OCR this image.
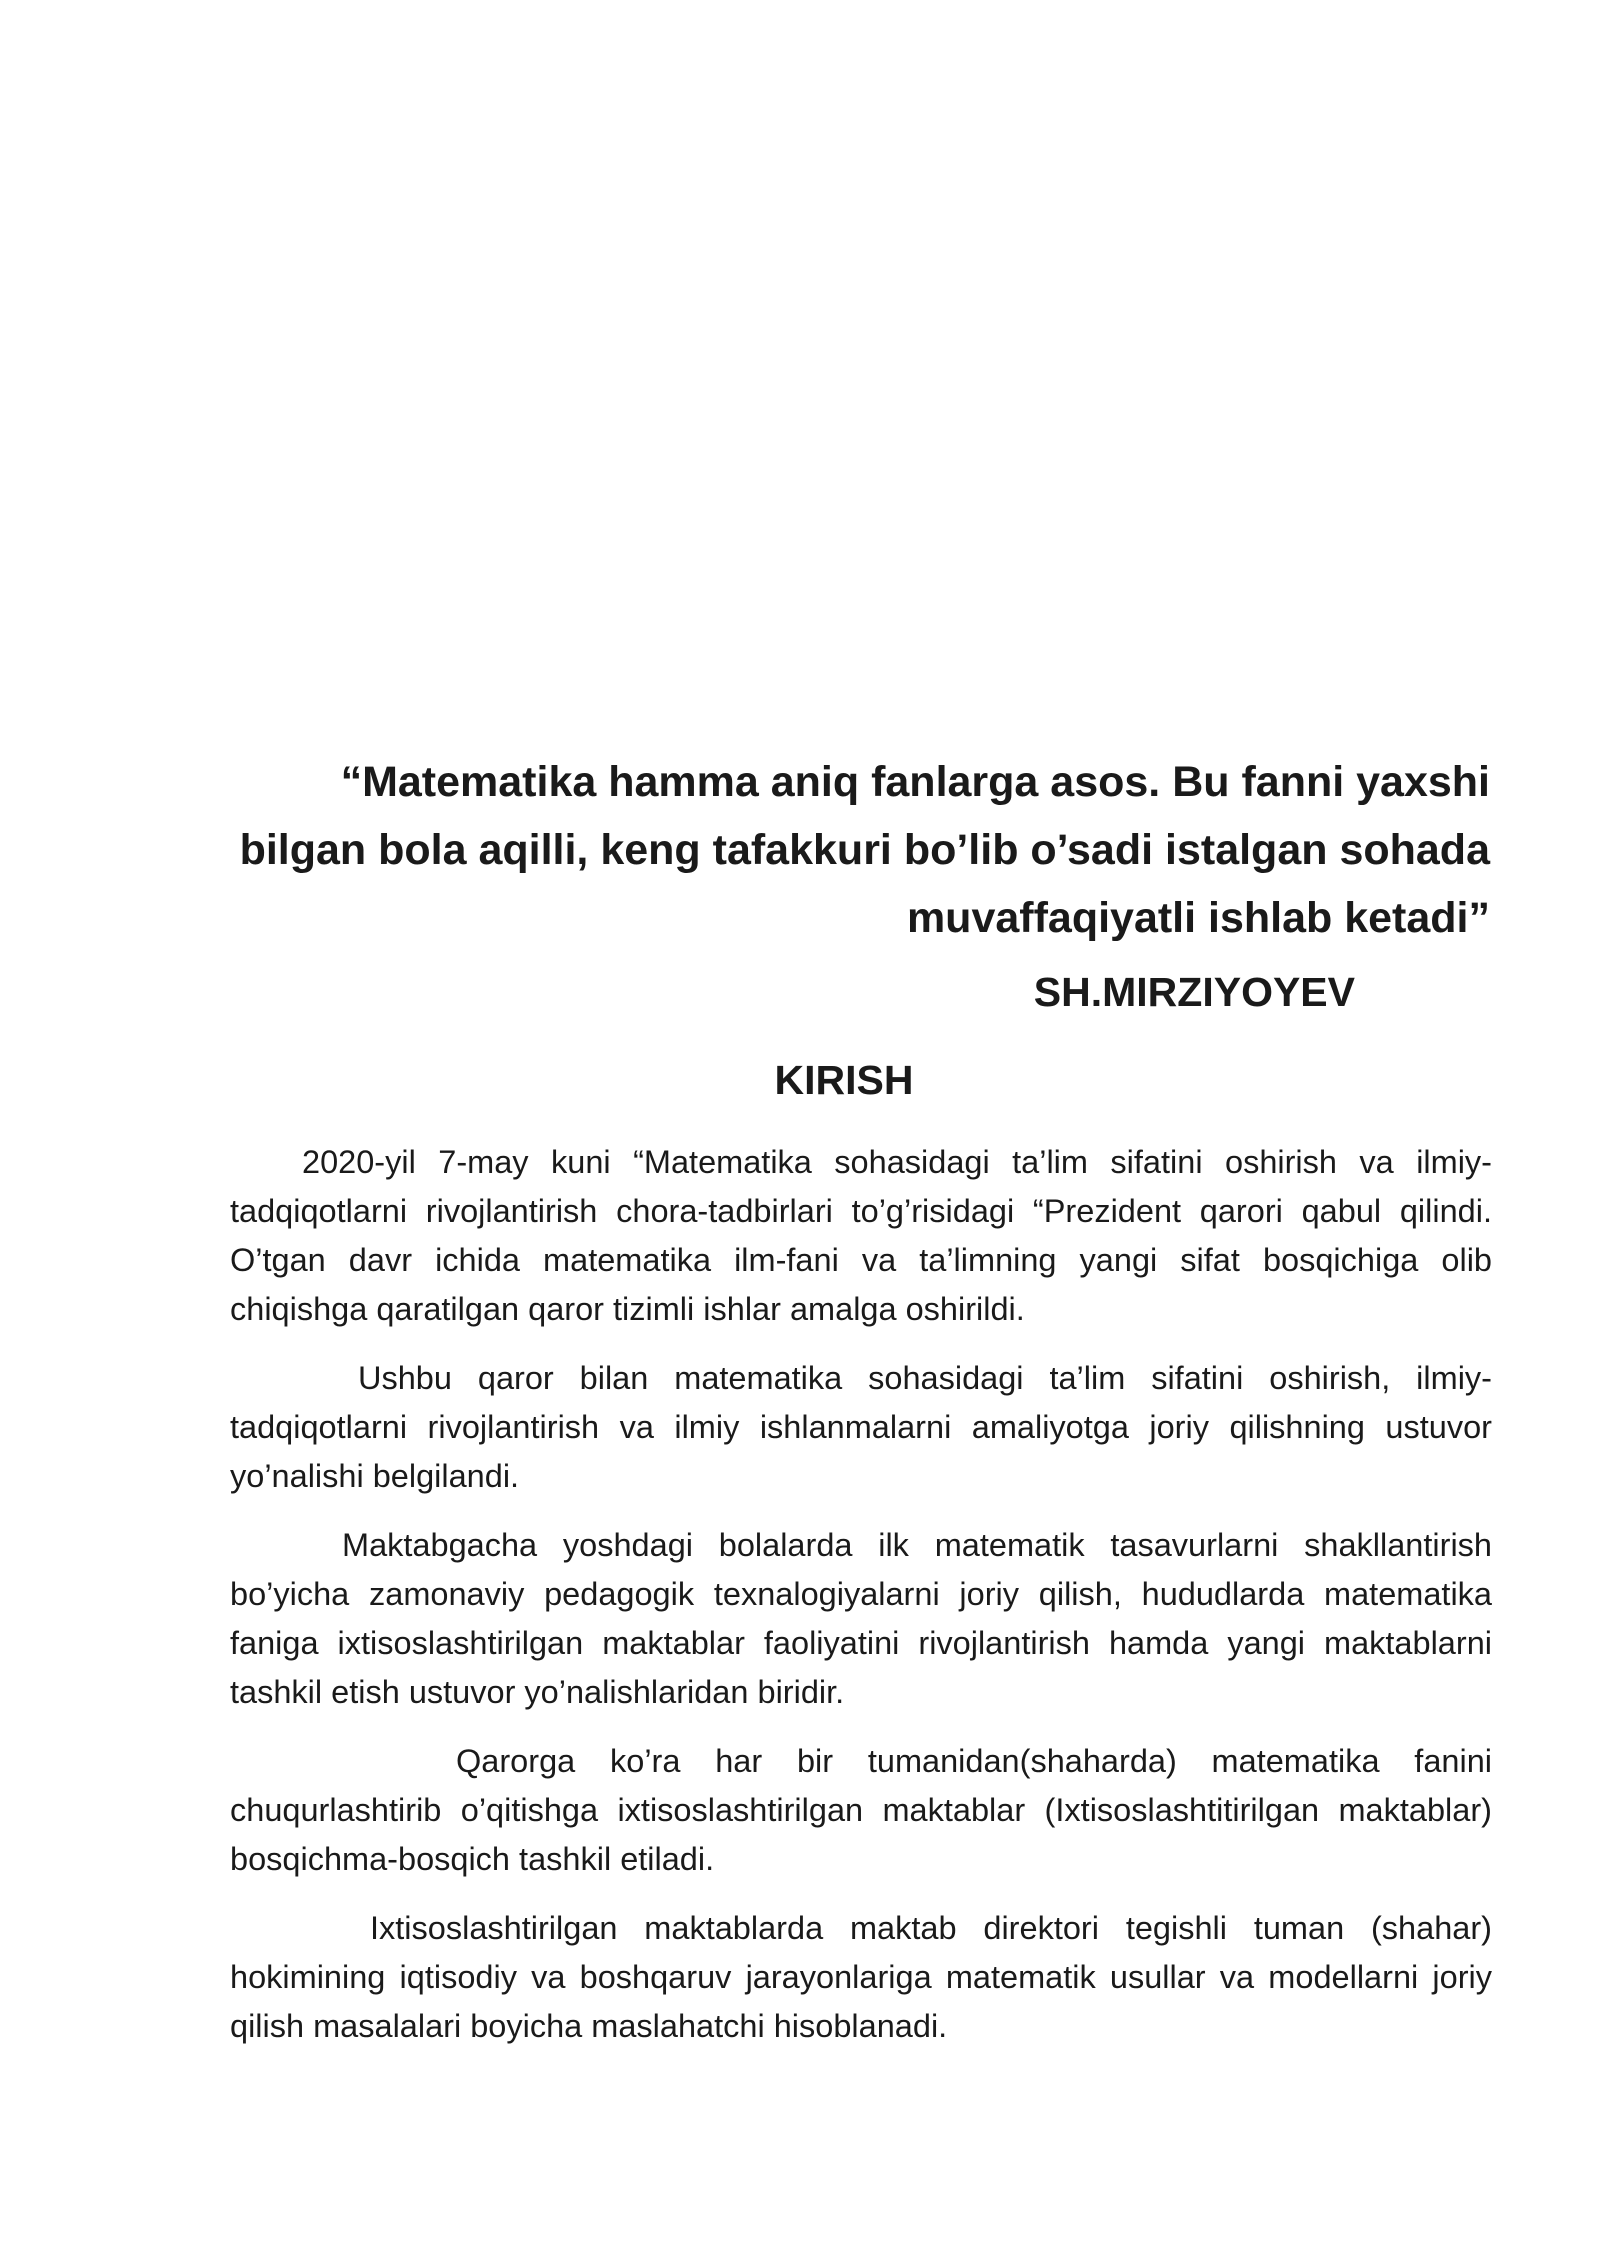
“Matematika hamma aniq fanlarga asos. Bu fanni yaxshi
bilgan bola aqilli, keng tafakkuri bo’lib o’sadi istalgan sohada
muvaffaqiyatli ishlab ketadi”

SH.MIRZIYOYEV

KIRISH

2020-yil 7-may kuni “Matematika sohasidagi ta’lim sifatini oshirish va ilmiy-tadqiqotlarni rivojlantirish chora-tadbirlari to’g’risidagi “Prezident qarori qabul qilindi. O’tgan davr ichida matematika ilm-fani va ta’limning yangi sifat bosqichiga olib chiqishga qaratilgan qaror tizimli ishlar amalga oshirildi.

Ushbu qaror bilan matematika sohasidagi ta’lim sifatini oshirish, ilmiy-tadqiqotlarni rivojlantirish va ilmiy ishlanmalarni amaliyotga joriy qilishning ustuvor yo’nalishi belgilandi.

Maktabgacha yoshdagi bolalarda ilk matematik tasavurlarni shakllantirish bo’yicha zamonaviy pedagogik texnalogiyalarni joriy qilish, hududlarda matematika faniga ixtisoslashtirilgan maktablar faoliyatini rivojlantirish hamda yangi maktablarni tashkil etish ustuvor yo’nalishlaridan biridir.

Qarorga ko’ra har bir tumanidan(shaharda) matematika fanini chuqurlashtirib o’qitishga ixtisoslashtirilgan maktablar (Ixtisoslashtitirilgan maktablar) bosqichma-bosqich tashkil etiladi.

Ixtisoslashtirilgan maktablarda maktab direktori tegishli tuman (shahar) hokimining iqtisodiy va boshqaruv jarayonlariga matematik usullar va modellarni joriy qilish masalalari boyicha maslahatchi hisoblanadi.
